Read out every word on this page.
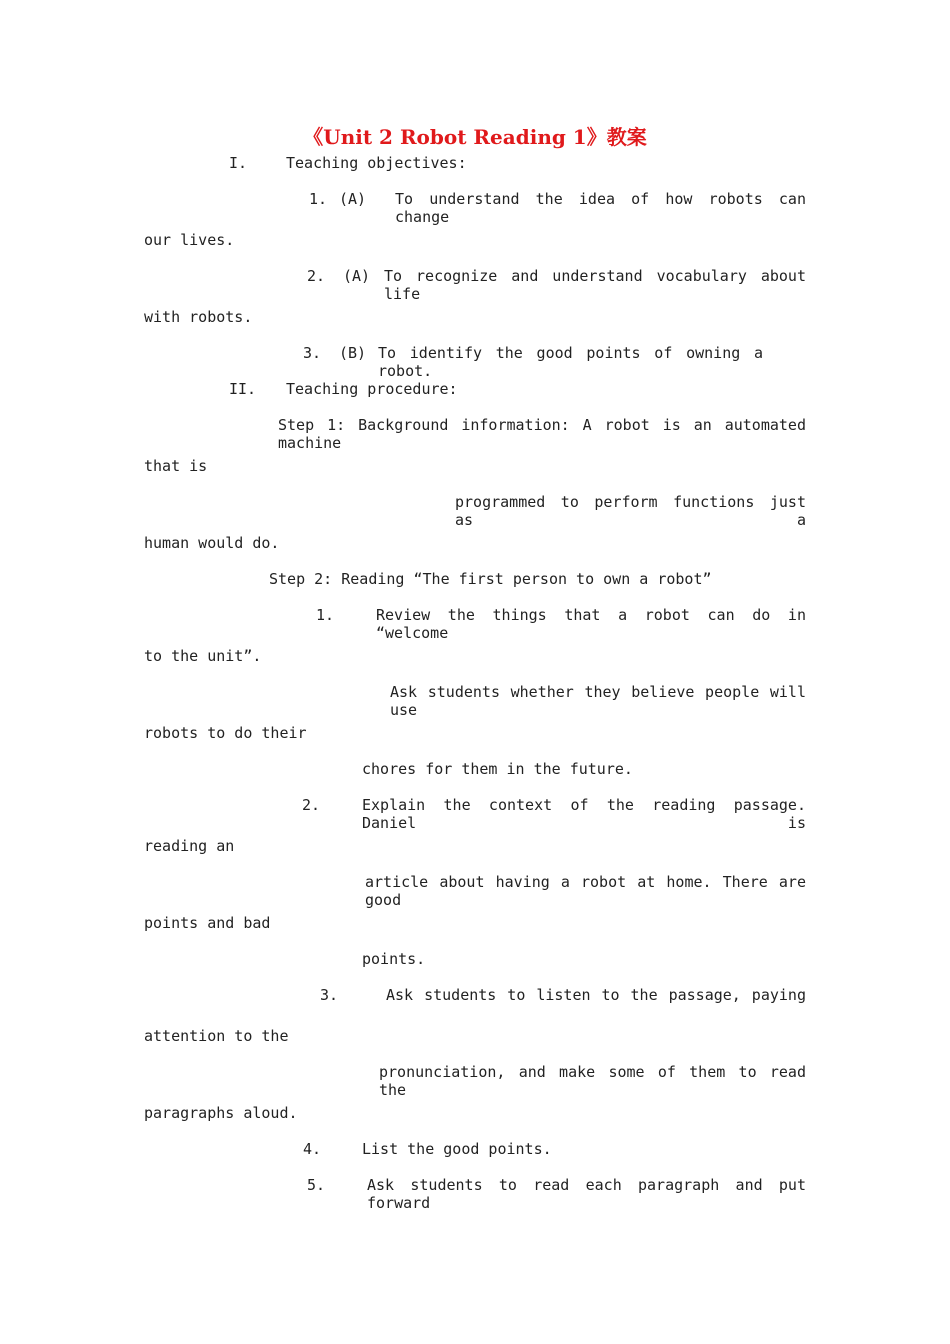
《Unit 2 Robot Reading 1》教案
I.	Teaching objectives:
1. (A) To understand the idea of how robots can change
our lives.
2. (A) To recognize and understand vocabulary about life
with robots.
3. (B) To identify the good points of owning a robot.
II. Teaching procedure:
Step 1: Background information: A robot is an automated machine
that is
programmed to perform functions just as a
human would do.
Step 2: Reading “The first person to own a robot”
1.	Review the things that a robot can do in “welcome
to the unit”.
Ask students whether they believe people will use
robots to do their
chores for them in the future.
2.	Explain the context of the reading passage. Daniel is
reading an
article about having a robot at home. There are good
points and bad
points.
3.	Ask students to listen to the passage, paying
attention to the
pronunciation, and make some of them to read the
paragraphs aloud.
4.	List the good points.
5.	Ask students to read each paragraph and put forward
